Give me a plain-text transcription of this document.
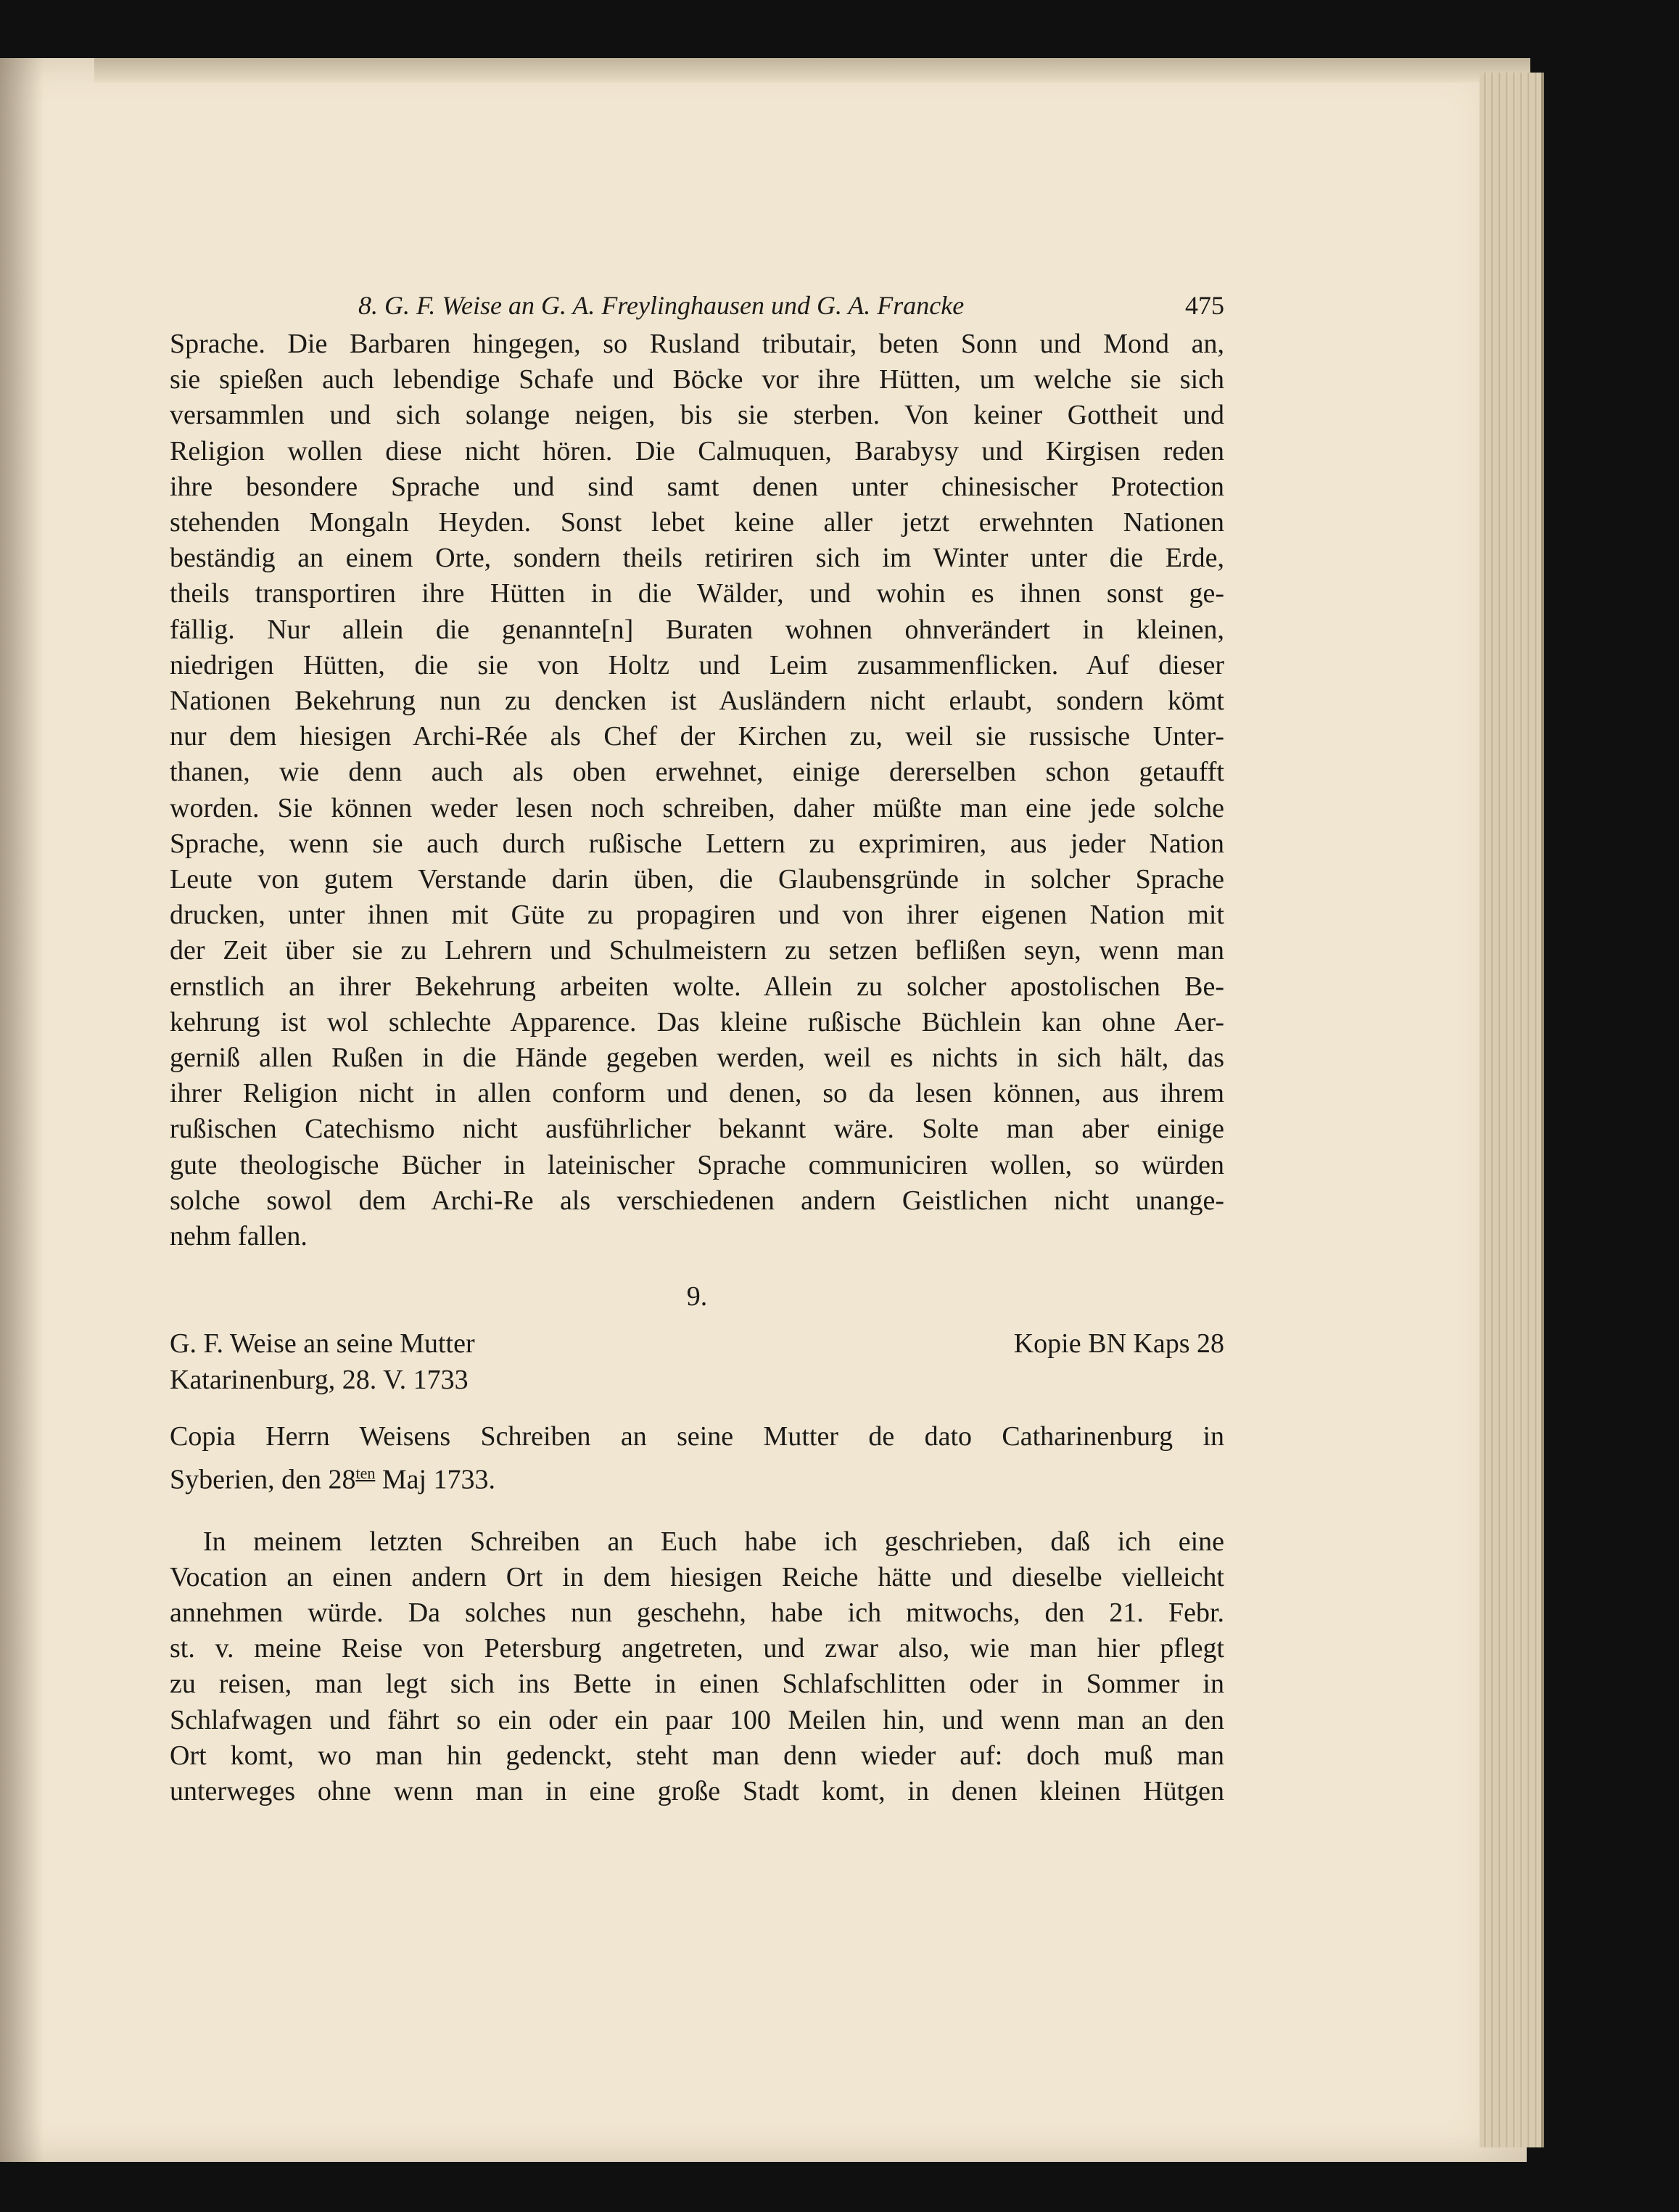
8. G. F. Weise an G. A. Freylinghausen und G. A. Francke	475

Sprache. Die Barbaren hingegen, so Rusland tributair, beten Sonn und Mond an,

sie spießen auch lebendige Schafe und Böcke vor ihre Hütten, um welche sie sich

versammlen und sich solange neigen, bis sie sterben. Von keiner Gottheit und

Religion wollen diese nicht hören. Die Calmuquen, Barabysy und Kirgisen reden

ihre besondere Sprache und sind samt denen unter chinesischer Protection

stehenden Mongaln Heyden. Sonst lebet keine aller jetzt erwehnten Nationen

beständig an einem Orte, sondern theils retiriren sich im Winter unter die Erde,

theils transportiren ihre Hütten in die Wälder, und wohin es ihnen sonst ge-

fällig. Nur allein die genannte[n] Buraten wohnen ohnverändert in kleinen,

niedrigen Hütten, die sie von Holtz und Leim zusammenflicken. Auf dieser

Nationen Bekehrung nun zu dencken ist Ausländern nicht erlaubt, sondern kömt

nur dem hiesigen Archi-Rée als Chef der Kirchen zu, weil sie russische Unter-

thanen, wie denn auch als oben erwehnet, einige dererselben schon getaufft

worden. Sie können weder lesen noch schreiben, daher müßte man eine jede solche

Sprache, wenn sie auch durch rußische Lettern zu exprimiren, aus jeder Nation

Leute von gutem Verstande darin üben, die Glaubensgründe in solcher Sprache

drucken, unter ihnen mit Güte zu propagiren und von ihrer eigenen Nation mit

der Zeit über sie zu Lehrern und Schulmeistern zu setzen beflißen seyn, wenn man

ernstlich an ihrer Bekehrung arbeiten wolte. Allein zu solcher apostolischen Be-

kehrung ist wol schlechte Apparence. Das kleine rußische Büchlein kan ohne Aer-

gerniß allen Rußen in die Hände gegeben werden, weil es nichts in sich hält, das

ihrer Religion nicht in allen conform und denen, so da lesen können, aus ihrem

rußischen Catechismo nicht ausführlicher bekannt wäre. Solte man aber einige

gute theologische Bücher in lateinischer Sprache communiciren wollen, so würden

solche sowol dem Archi-Re als verschiedenen andern Geistlichen nicht unange-

nehm fallen.

9.
G. F. Weise an seine Mutter
Katarinenburg, 28. V. 1733
Kopie BN Kaps 28

Copia Herrn Weisens Schreiben an seine Mutter de dato Catharinenburg in

Syberien, den $28^{ten}$ Maj 1733.

In meinem letzten Schreiben an Euch habe ich geschrieben, daß ich eine

Vocation an einen andern Ort in dem hiesigen Reiche hätte und dieselbe vielleicht

annehmen würde. Da solches nun geschehn, habe ich mitwochs, den 21. Febr.

st. v. meine Reise von Petersburg angetreten, und zwar also, wie man hier pflegt

zu reisen, man legt sich ins Bette in einen Schlafschlitten oder in Sommer in

Schlafwagen und fährt so ein oder ein paar 100 Meilen hin, und wenn man an den

Ort komt, wo man hin gedenckt, steht man denn wieder auf: doch muß man

unterweges ohne wenn man in eine große Stadt komt, in denen kleinen Hütgen
